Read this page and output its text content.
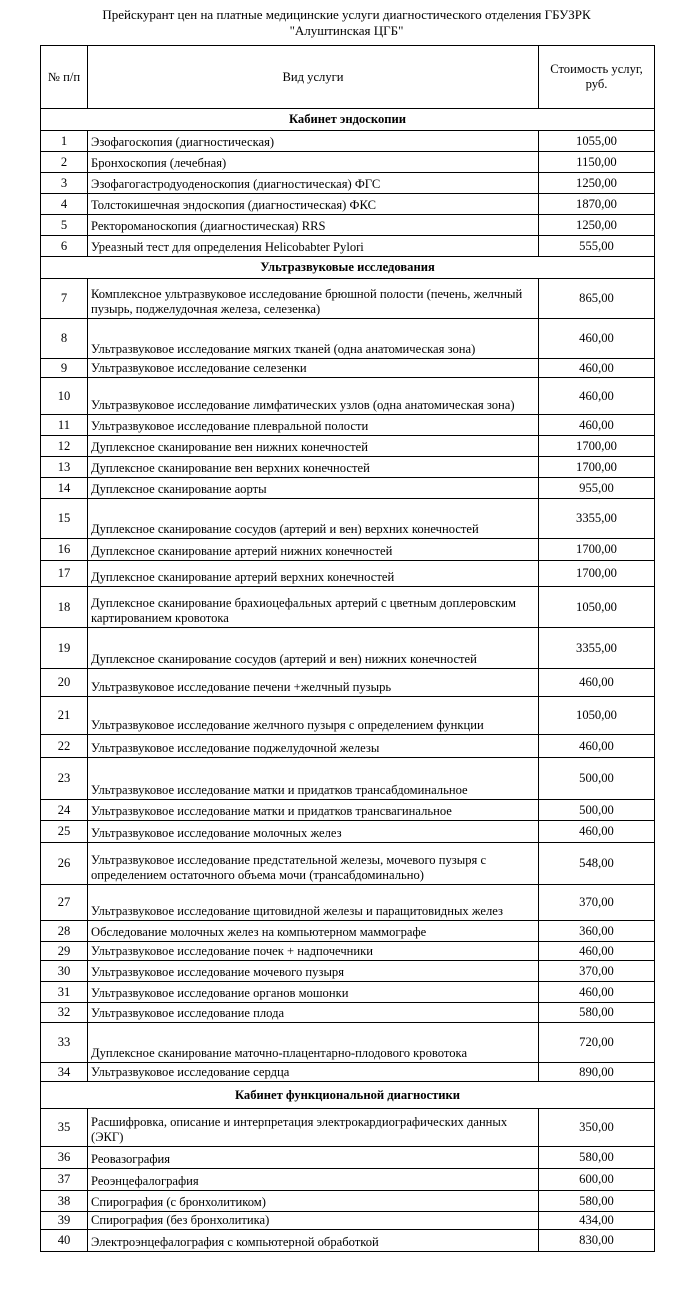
Прейскурант цен на платные медицинские услуги диагностического отделения ГБУЗРК
"Алуштинская ЦГБ"
№ п/п	Вид услуги	Стоимость услуг, руб.
Кабинет эндоскопии		
1	Эзофагоскопия (диагностическая)	1055,00
2	Бронхоскопия (лечебная)	1150,00
3	Эзофагогастродуоденоскопия (диагностическая) ФГС	1250,00
4	Толстокишечная эндоскопия (диагностическая) ФКС	1870,00
5	Ректороманоскопия (диагностическая) RRS	1250,00
6	Уреазный тест для определения Helicobabter Pylori	555,00
Ультразвуковые исследования		
7	Комплексное ультразвуковое исследование брюшной полости (печень, желчный пузырь, поджелудочная железа, селезенка)	865,00
8	Ультразвуковое исследование мягких тканей (одна анатомическая зона)	460,00
9	Ультразвуковое исследование селезенки	460,00
10	Ультразвуковое исследование лимфатических узлов (одна анатомическая зона)	460,00
11	Ультразвуковое исследование плевральной полости	460,00
12	Дуплексное сканирование вен нижних конечностей	1700,00
13	Дуплексное сканирование вен верхних конечностей	1700,00
14	Дуплексное сканирование аорты	955,00
15	Дуплексное сканирование сосудов (артерий и вен) верхних конечностей	3355,00
16	Дуплексное сканирование артерий нижних конечностей	1700,00
17	Дуплексное сканирование артерий верхних конечностей	1700,00
18	Дуплексное сканирование брахиоцефальных артерий с цветным доплеровским картированием кровотока	1050,00
19	Дуплексное сканирование сосудов (артерий и вен) нижних конечностей	3355,00
20	Ультразвуковое исследование печени +желчный пузырь	460,00
21	Ультразвуковое исследование желчного пузыря с определением функции	1050,00
22	Ультразвуковое исследование поджелудочной железы	460,00
23	Ультразвуковое исследование матки и придатков трансабдоминальное	500,00
24	Ультразвуковое исследование матки и придатков трансвагинальное	500,00
25	Ультразвуковое исследование молочных желез	460,00
26	Ультразвуковое исследование предстательной железы, мочевого пузыря с определением остаточного объема мочи (трансабдоминально)	548,00
27	Ультразвуковое исследование щитовидной железы и паращитовидных желез	370,00
28	Обследование молочных желез на компьютерном маммографе	360,00
29	Ультразвуковое исследование почек + надпочечники	460,00
30	Ультразвуковое исследование мочевого пузыря	370,00
31	Ультразвуковое исследование органов мошонки	460,00
32	Ультразвуковое исследование плода	580,00
33	Дуплексное сканирование маточно-плацентарно-плодового кровотока	720,00
34	Ультразвуковое исследование сердца	890,00
Кабинет функциональной диагностики		
35	Расшифровка, описание и интерпретация электрокардиографических данных (ЭКГ)	350,00
36	Реовазография	580,00
37	Реоэнцефалография	600,00
38	Спирография (с бронхолитиком)	580,00
39	Спирография (без бронхолитика)	434,00
40	Электроэнцефалография с компьютерной обработкой	830,00
